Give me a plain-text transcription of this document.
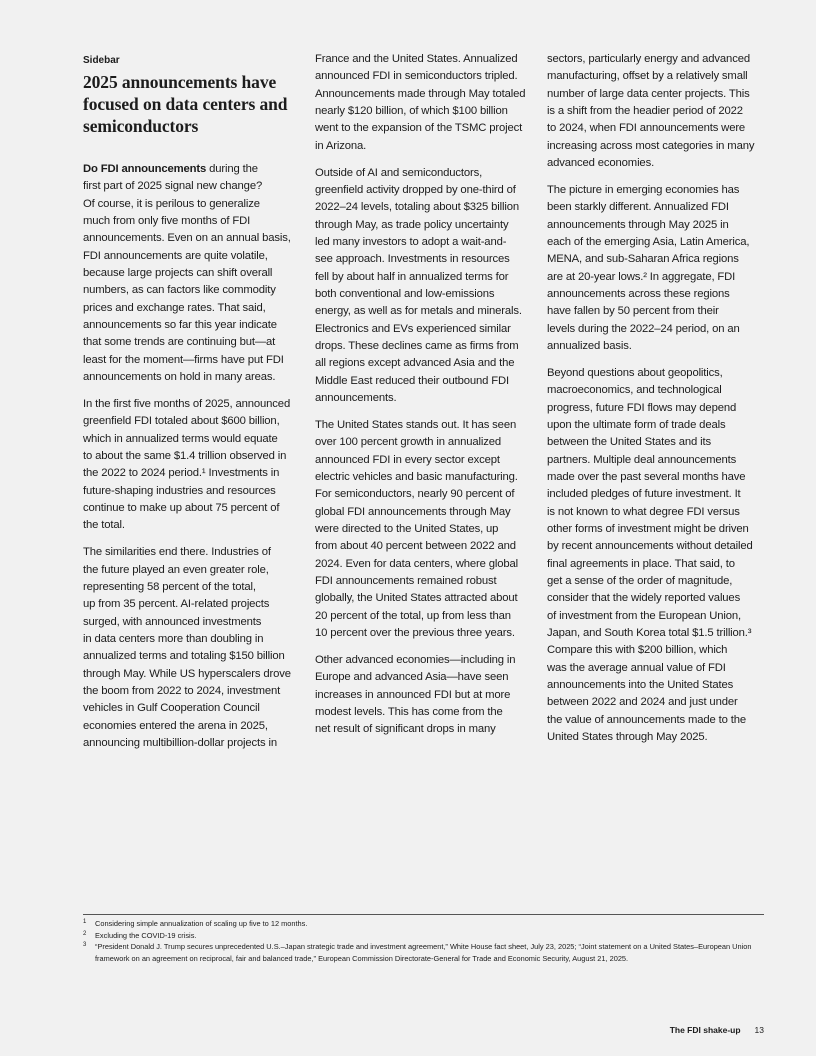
Sidebar
2025 announcements have
focused on data centers and
semiconductors
Do FDI announcements during the
first part of 2025 signal new change?
Of course, it is perilous to generalize
much from only five months of FDI
announcements. Even on an annual basis,
FDI announcements are quite volatile,
because large projects can shift overall
numbers, as can factors like commodity
prices and exchange rates. That said,
announcements so far this year indicate
that some trends are continuing but—at
least for the moment—firms have put FDI
announcements on hold in many areas.
In the first five months of 2025, announced
greenfield FDI totaled about $600 billion,
which in annualized terms would equate
to about the same $1.4 trillion observed in
the 2022 to 2024 period.¹ Investments in
future-shaping industries and resources
continue to make up about 75 percent of
the total.
The similarities end there. Industries of
the future played an even greater role,
representing 58 percent of the total,
up from 35 percent. AI-related projects
surged, with announced investments
in data centers more than doubling in
annualized terms and totaling $150 billion
through May. While US hyperscalers drove
the boom from 2022 to 2024, investment
vehicles in Gulf Cooperation Council
economies entered the arena in 2025,
announcing multibillion-dollar projects in
France and the United States. Annualized
announced FDI in semiconductors tripled.
Announcements made through May totaled
nearly $120 billion, of which $100 billion
went to the expansion of the TSMC project
in Arizona.
Outside of AI and semiconductors,
greenfield activity dropped by one-third of
2022–24 levels, totaling about $325 billion
through May, as trade policy uncertainty
led many investors to adopt a wait-and-
see approach. Investments in resources
fell by about half in annualized terms for
both conventional and low-emissions
energy, as well as for metals and minerals.
Electronics and EVs experienced similar
drops. These declines came as firms from
all regions except advanced Asia and the
Middle East reduced their outbound FDI
announcements.
The United States stands out. It has seen
over 100 percent growth in annualized
announced FDI in every sector except
electric vehicles and basic manufacturing.
For semiconductors, nearly 90 percent of
global FDI announcements through May
were directed to the United States, up
from about 40 percent between 2022 and
2024. Even for data centers, where global
FDI announcements remained robust
globally, the United States attracted about
20 percent of the total, up from less than
10 percent over the previous three years.
Other advanced economies—including in
Europe and advanced Asia—have seen
increases in announced FDI but at more
modest levels. This has come from the
net result of significant drops in many
sectors, particularly energy and advanced
manufacturing, offset by a relatively small
number of large data center projects. This
is a shift from the headier period of 2022
to 2024, when FDI announcements were
increasing across most categories in many
advanced economies.
The picture in emerging economies has
been starkly different. Annualized FDI
announcements through May 2025 in
each of the emerging Asia, Latin America,
MENA, and sub-Saharan Africa regions
are at 20-year lows.² In aggregate, FDI
announcements across these regions
have fallen by 50 percent from their
levels during the 2022–24 period, on an
annualized basis.
Beyond questions about geopolitics,
macroeconomics, and technological
progress, future FDI flows may depend
upon the ultimate form of trade deals
between the United States and its
partners. Multiple deal announcements
made over the past several months have
included pledges of future investment. It
is not known to what degree FDI versus
other forms of investment might be driven
by recent announcements without detailed
final agreements in place. That said, to
get a sense of the order of magnitude,
consider that the widely reported values
of investment from the European Union,
Japan, and South Korea total $1.5 trillion.³
Compare this with $200 billion, which
was the average annual value of FDI
announcements into the United States
between 2022 and 2024 and just under
the value of announcements made to the
United States through May 2025.
1	Considering simple annualization of scaling up five to 12 months.
2	Excluding the COVID-19 crisis.
3	“President Donald J. Trump secures unprecedented U.S.–Japan strategic trade and investment agreement,” White House fact sheet, July 23, 2025; “Joint statement on a United States–European Union framework on an agreement on reciprocal, fair and balanced trade,” European Commission Directorate-General for Trade and Economic Security, August 21, 2025.
The FDI shake-up 13
